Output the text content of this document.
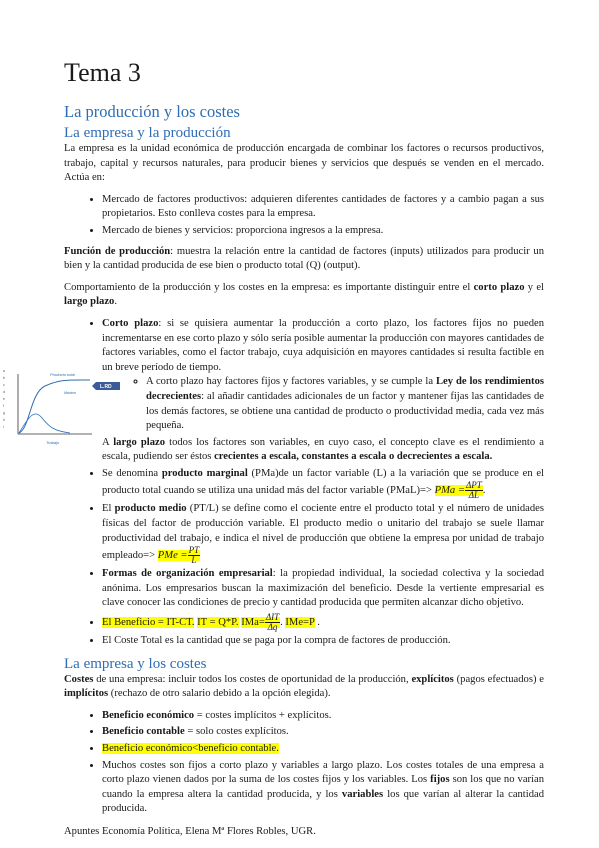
a
b
c
d
e
f
g
h
i
Producto total
Máximo
Trabajo
L.RD
Tema 3
La producción y los costes
La empresa y la producción

La empresa es la unidad económica de producción encargada de combinar los factores o recursos productivos, trabajo, capital y recursos naturales, para producir bienes y servicios que después se venden en el mercado. Actúa en:

• Mercado de factores productivos: adquieren diferentes cantidades de factores y a cambio pagan a sus propietarios. Esto conlleva costes para la empresa.
• Mercado de bienes y servicios: proporciona ingresos a la empresa.

Función de producción: muestra la relación entre la cantidad de factores (inputs) utilizados para producir un bien y la cantidad producida de ese bien o producto total (Q) (output).

Comportamiento de la producción y los costes en la empresa: es importante distinguir entre el corto plazo y el largo plazo.

• Corto plazo: si se quisiera aumentar la producción a corto plazo, los factores fijos no pueden incrementarse en ese corto plazo y sólo sería posible aumentar la producción con mayores cantidades de factores variables, como el factor trabajo, cuya adquisición en mayores cantidades si resulta factible en un breve período de tiempo.
◦ A corto plazo hay factores fijos y factores variables, y se cumple la Ley de los rendimientos decrecientes: al añadir cantidades adicionales de un factor y mantener fijas las cantidades de los demás factores, se obtiene una cantidad de producto o productividad media, cada vez más pequeña.

A largo plazo todos los factores son variables, en cuyo caso, el concepto clave es el rendimiento a escala, pudiendo ser éstos crecientes a escala, constantes a escala o decrecientes a escala.

• Se denomina producto marginal (PMa)de un factor variable (L) a la variación que se produce en el producto total cuando se utiliza una unidad más del factor variable (PMaL)=> PMa = $\frac{\text{ΔPT}}{\Delta L}$ .
• El producto medio (PT/L) se define como el cociente entre el producto total y el número de unidades físicas del factor de producción variable. El producto medio o unitario del trabajo se suele llamar productividad del trabajo, e indica el nivel de producción que obtiene la empresa por unidad de trabajo empleado=> PMe = $\frac{PT}{L}$
• Formas de organización empresarial: la propiedad individual, la sociedad colectiva y la sociedad anónima. Los empresarios buscan la maximización del beneficio. Desde la vertiente empresarial es clave conocer las condiciones de precio y cantidad producida que permiten alcanzar dicho objetivo.
• El Beneficio = IT-CT. IT = Q*P. $IMa= \frac{\text{ΔIT}}{\Delta q}$ . IMe=P .
• El Coste Total es la cantidad que se paga por la compra de factores de producción.
La empresa y los costes

Costes de una empresa: incluir todos los costes de oportunidad de la producción, explícitos (pagos efectuados) e implícitos (rechazo de otro salario debido a la opción elegida).

• Beneficio económico = costes implícitos + explícitos.
• Beneficio contable = solo costes explícitos.
• Beneficio económico<beneficio contable.
• Muchos costes son fijos a corto plazo y variables a largo plazo. Los costes totales de una empresa a corto plazo vienen dados por la suma de los costes fijos y los variables. Los fijos son los que no varían cuando la empresa altera la cantidad producida, y los variables los que varían al alterar la cantidad producida.

Apuntes Economía Política, Elena Mª Flores Robles, UGR.
